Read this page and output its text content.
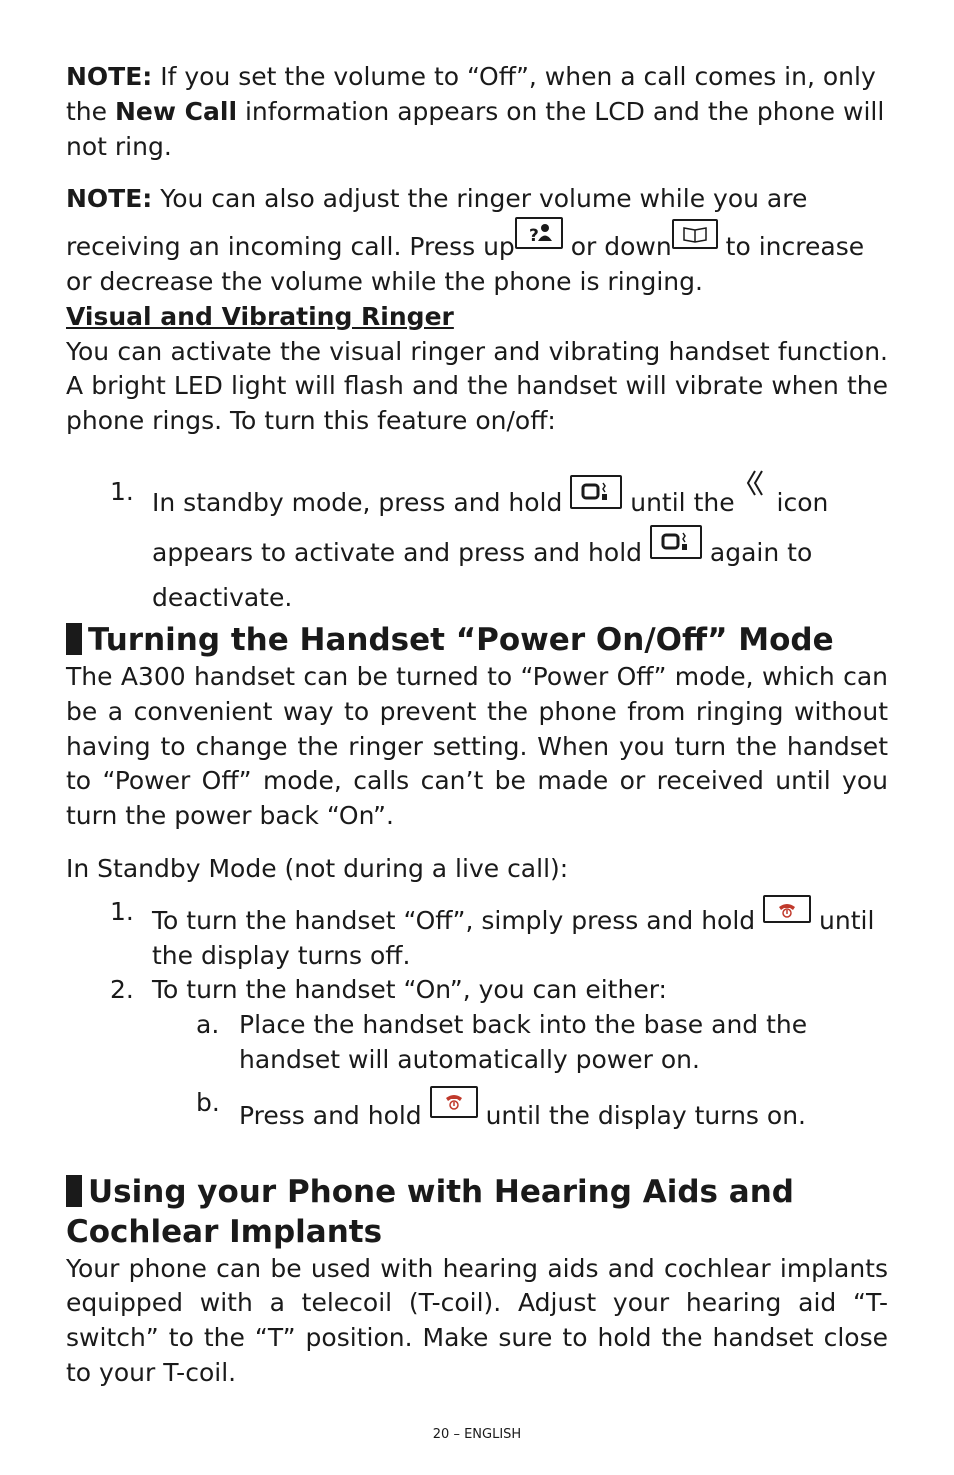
NOTE: If you set the volume to “Off”, when a call comes in, only the New Call information appears on the LCD and the phone will not ring.

NOTE: You can also adjust the ringer volume while you are receiving an incoming call. Press up ? or down
to increase or decrease the volume while the phone is ringing.

Visual and Vibrating Ringer

You can activate the visual ringer and vibrating handset function. A bright LED light will flash and the handset will vibrate when the phone rings. To turn this feature on/off:

1. In standby mode, press and hold
until the  icon appears to activate and press and hold
again to deactivate.

Turning the Handset “Power On/Off” Mode

The A300 handset can be turned to “Power Off” mode, which can be a convenient way to prevent the phone from ringing without having to change the ringer setting. When you turn the handset to “Power Off” mode, calls can’t be made or received until you turn the power back “On”.

In Standby Mode (not during a live call):

1. To turn the handset “Off”, simply press and hold
until the display turns off.
2. To turn the handset “On”, you can either:
a. Place the handset back into the base and the handset will automatically power on.
b. Press and hold
until the display turns on.

Using your Phone with Hearing Aids and Cochlear Implants

Your phone can be used with hearing aids and cochlear implants equipped with a telecoil (T-coil). Adjust your hearing aid “T-switch” to the “T” position. Make sure to hold the handset close to your T-coil.

20 – ENGLISH
